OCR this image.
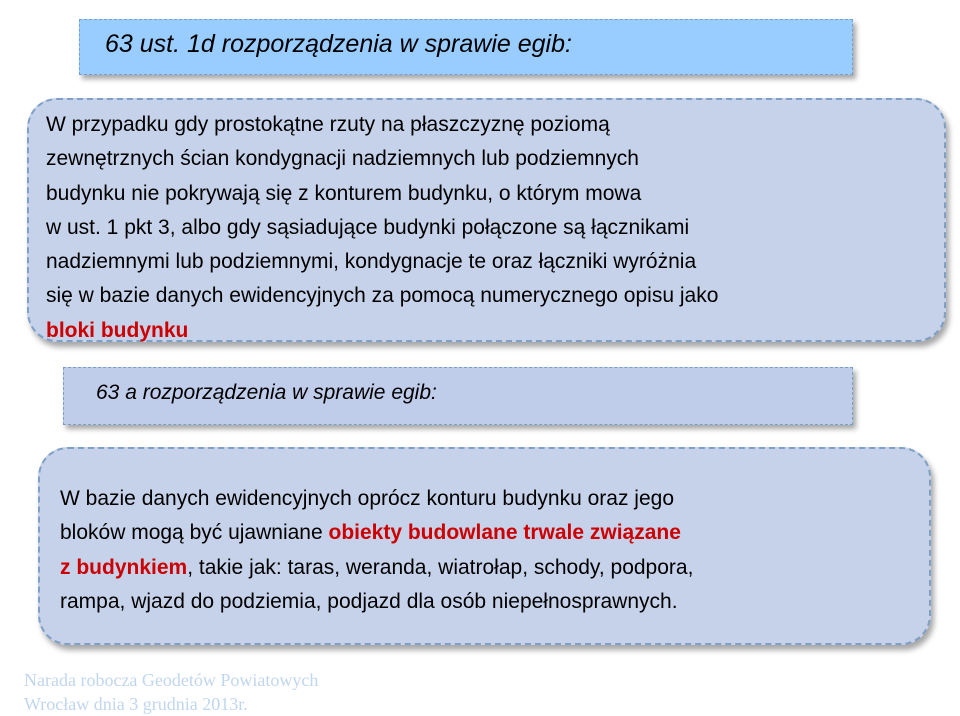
63 ust. 1d rozporządzenia w sprawie egib:
W przypadku gdy prostokątne rzuty na płaszczyznę poziomą
zewnętrznych ścian kondygnacji nadziemnych lub podziemnych
budynku nie pokrywają się z konturem budynku, o którym mowa
w ust. 1 pkt 3, albo gdy sąsiadujące budynki połączone są łącznikami
nadziemnymi lub podziemnymi, kondygnacje te oraz łączniki wyróżnia
się w bazie danych ewidencyjnych za pomocą numerycznego opisu jako
bloki budynku
63 a rozporządzenia w sprawie egib:
W bazie danych ewidencyjnych oprócz konturu budynku oraz jego
bloków mogą być ujawniane obiekty budowlane trwale związane
z budynkiem, takie jak: taras, weranda, wiatrołap, schody, podpora,
rampa, wjazd do podziemia, podjazd dla osób niepełnosprawnych.
Narada robocza Geodetów Powiatowych
Wrocław dnia 3 grudnia 2013r.
